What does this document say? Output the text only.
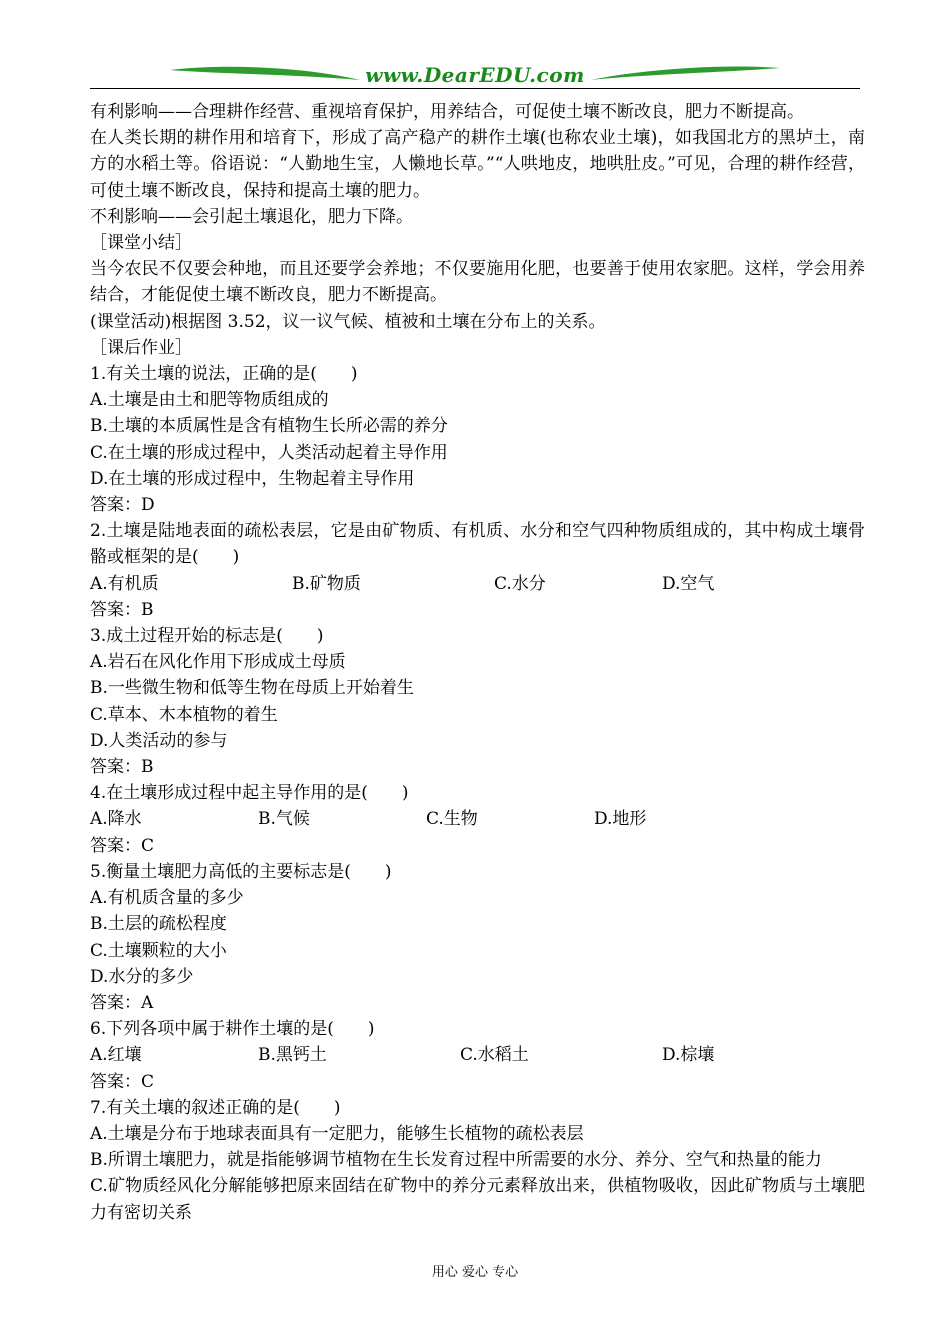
www.DearEDU.com

有利影响——合理耕作经营、重视培育保护，用养结合，可促使土壤不断改良，肥力不断提高。

在人类长期的耕作用和培育下，形成了高产稳产的耕作土壤(也称农业土壤)，如我国北方的黑垆土，南方的水稻土等。俗语说：“人勤地生宝，人懒地长草。”“人哄地皮，地哄肚皮。”可见，合理的耕作经营，可使土壤不断改良，保持和提高土壤的肥力。

不利影响——会引起土壤退化，肥力下降。

［课堂小结］

当今农民不仅要会种地，而且还要学会养地；不仅要施用化肥，也要善于使用农家肥。这样，学会用养结合，才能促使土壤不断改良，肥力不断提高。

(课堂活动)根据图 3.52，议一议气候、植被和土壤在分布上的关系。

［课后作业］

1.有关土壤的说法，正确的是(　　)

A.土壤是由土和肥等物质组成的

B.土壤的本质属性是含有植物生长所必需的养分

C.在土壤的形成过程中，人类活动起着主导作用

D.在土壤的形成过程中，生物起着主导作用

答案：D

2.土壤是陆地表面的疏松表层，它是由矿物质、有机质、水分和空气四种物质组成的，其中构成土壤骨骼或框架的是(　　)

A.有机质	B.矿物质	C.水分	D.空气

答案：B

3.成土过程开始的标志是(　　)

A.岩石在风化作用下形成成土母质

B.一些微生物和低等生物在母质上开始着生

C.草本、木本植物的着生

D.人类活动的参与

答案：B

4.在土壤形成过程中起主导作用的是(　　)

A.降水	B.气候	C.生物	D.地形

答案：C

5.衡量土壤肥力高低的主要标志是(　　)

A.有机质含量的多少

B.土层的疏松程度

C.土壤颗粒的大小

D.水分的多少

答案：A

6.下列各项中属于耕作土壤的是(　　)

A.红壤	B.黑钙土	C.水稻土	D.棕壤

答案：C

7.有关土壤的叙述正确的是(　　)

A.土壤是分布于地球表面具有一定肥力，能够生长植物的疏松表层

B.所谓土壤肥力，就是指能够调节植物在生长发育过程中所需要的水分、养分、空气和热量的能力

C.矿物质经风化分解能够把原来固结在矿物中的养分元素释放出来，供植物吸收，因此矿物质与土壤肥力有密切关系

用心 爱心 专心
